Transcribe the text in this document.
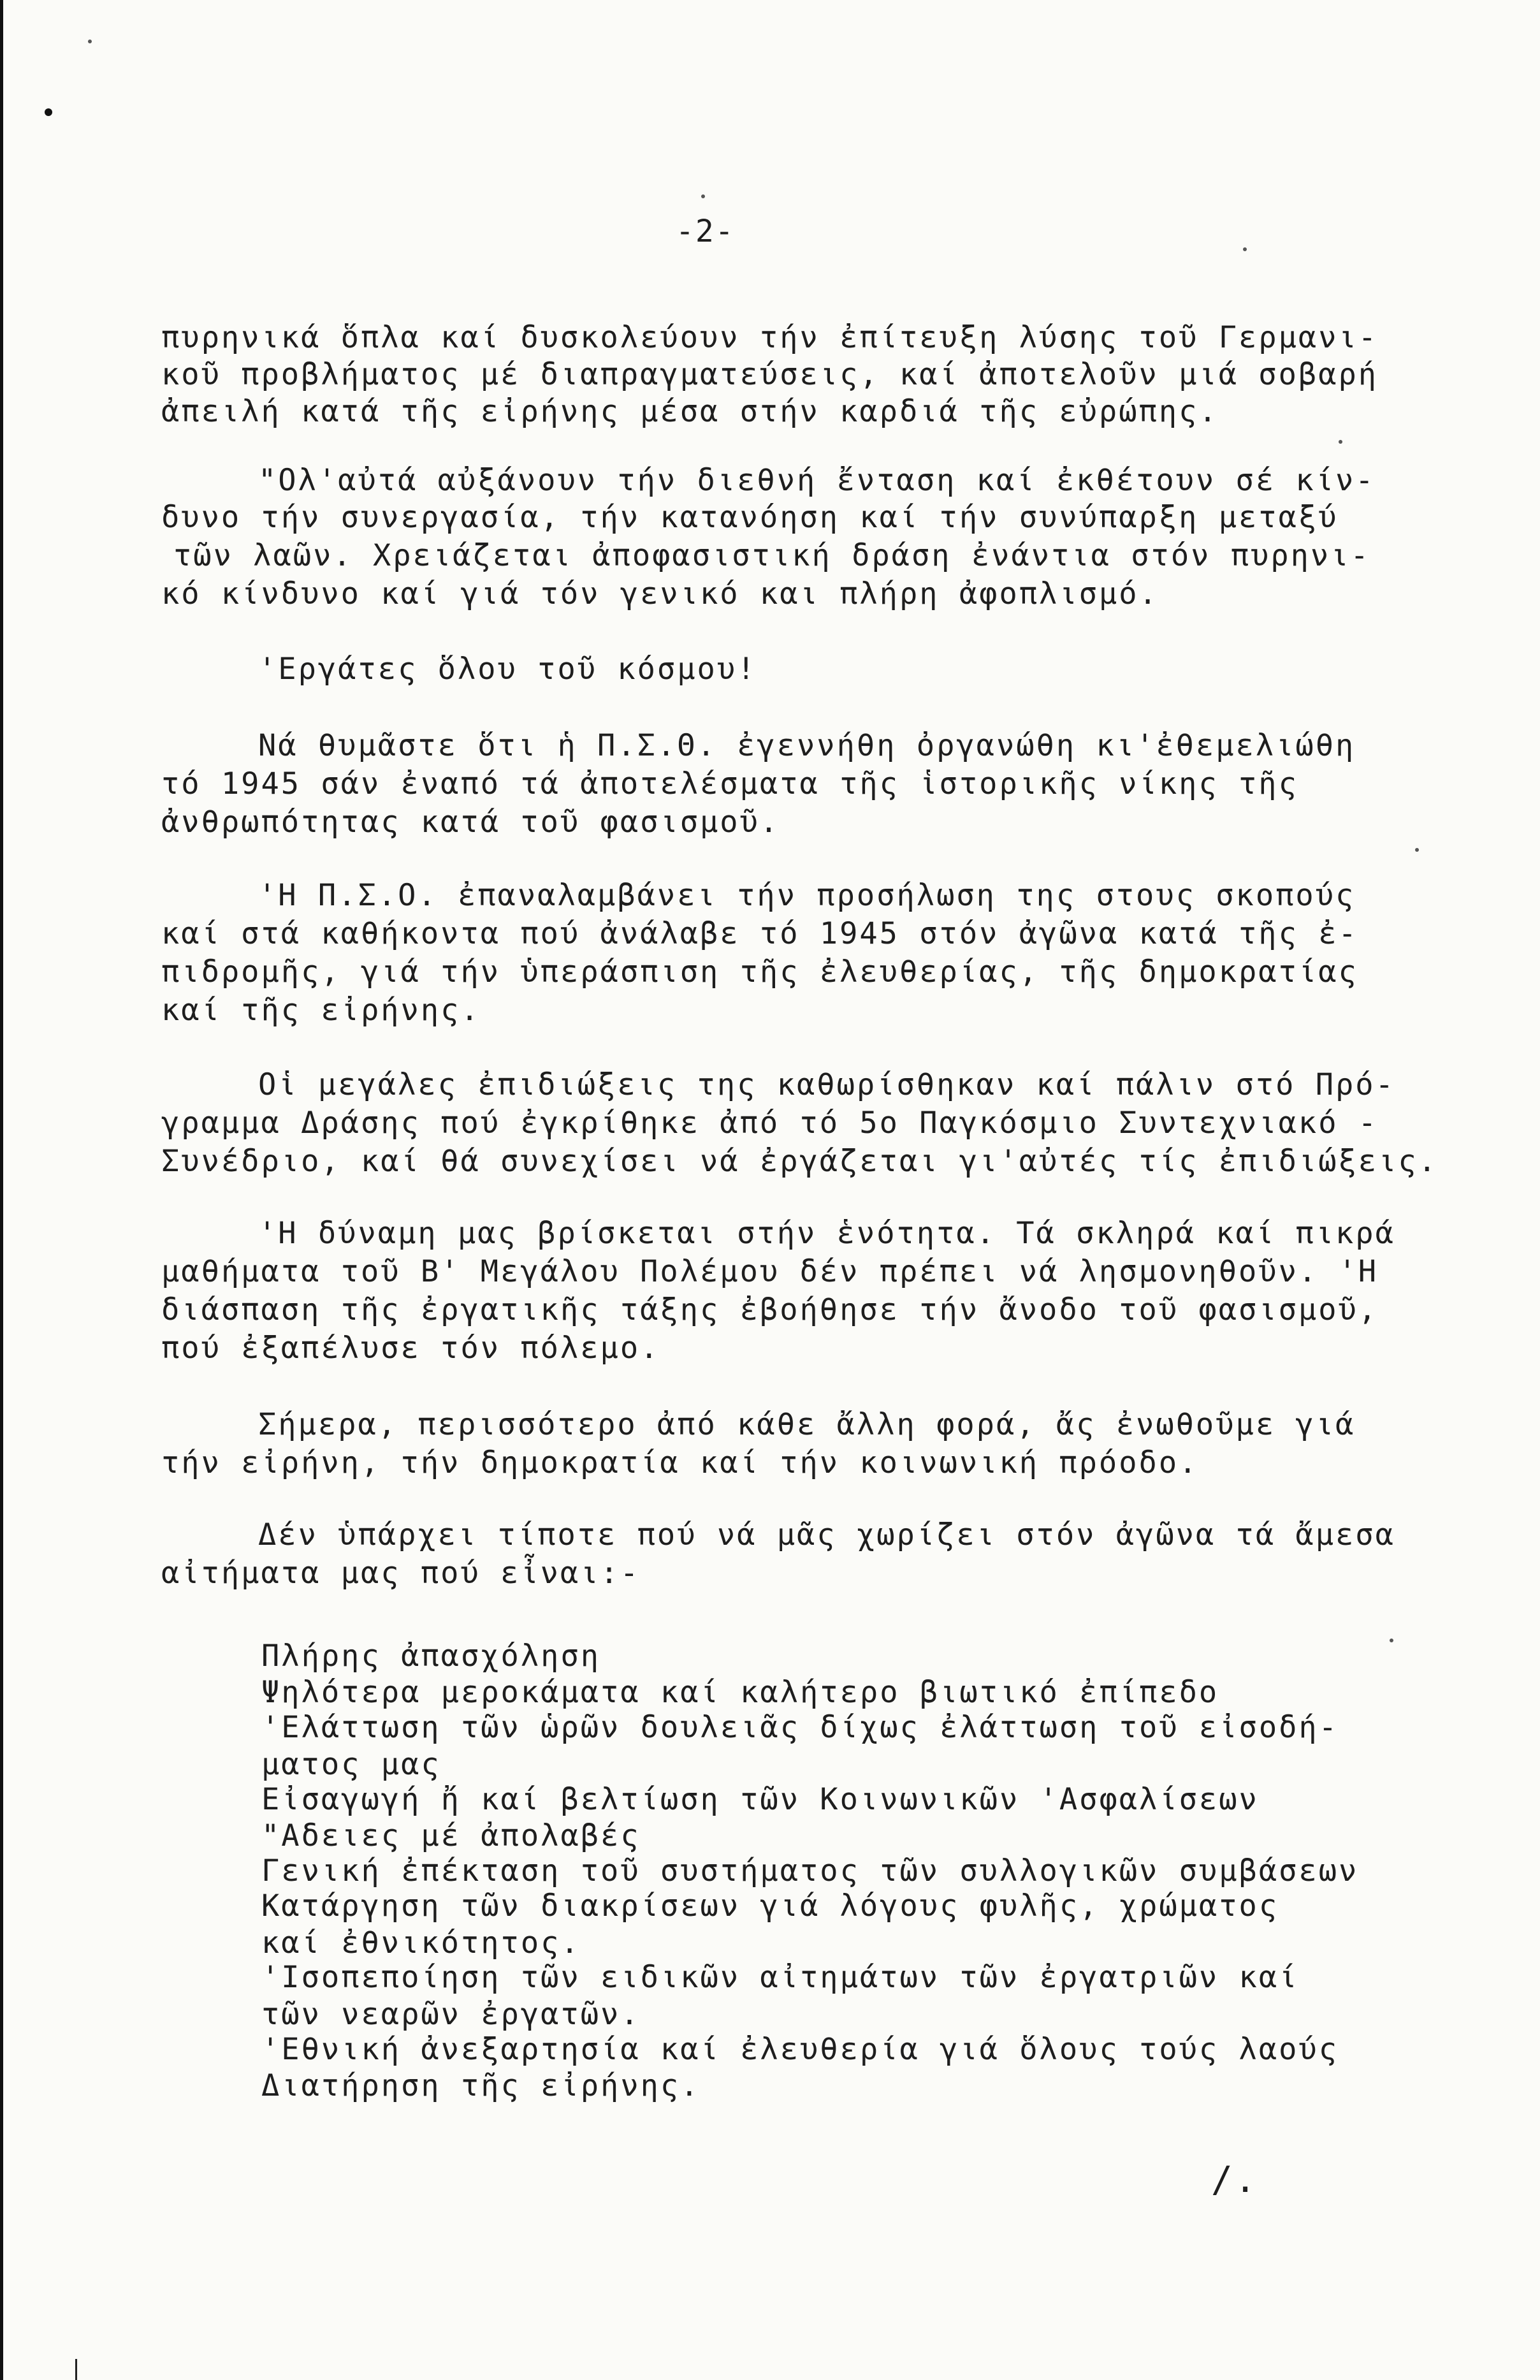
-2-
πυρηνικά ὅπλα καί δυσκολεύουν τήν ἐπίτευξη λύσης τοῦ Γερμανι-
κοῦ προβλήματος μέ διαπραγματεύσεις, καί ἀποτελοῦν μιά σοβαρή
ἀπειλή κατά τῆς εἰρήνης μέσα στήν καρδιά τῆς εὐρώπης.
"Ολ'αὐτά αὐξάνουν τήν διεθνή ἔνταση καί ἐκθέτουν σέ κίν-
δυνο τήν συνεργασία, τήν κατανόηση καί τήν συνύπαρξη μεταξύ
τῶν λαῶν. Χρειάζεται ἀποφασιστική δράση ἐνάντια στόν πυρηνι-
κό κίνδυνο καί γιά τόν γενικό και πλήρη ἀφοπλισμό.
'Εργάτες ὅλου τοῦ κόσμου!
Νά θυμᾶστε ὅτι ἡ Π.Σ.Θ. ἐγεννήθη ὀργανώθη κι'ἐθεμελιώθη
τό 1945 σάν ἐναπό τά ἀποτελέσματα τῆς ἱστορικῆς νίκης τῆς
ἀνθρωπότητας κατά τοῦ φασισμοῦ.
'Η Π.Σ.Ο. ἐπαναλαμβάνει τήν προσήλωση της στους σκοπούς
καί στά καθήκοντα πού ἀνάλαβε τό 1945 στόν ἀγῶνα κατά τῆς ἐ-
πιδρομῆς, γιά τήν ὑπεράσπιση τῆς ἐλευθερίας, τῆς δημοκρατίας
καί τῆς εἰρήνης.
Οἱ μεγάλες ἐπιδιώξεις της καθωρίσθηκαν καί πάλιν στό Πρό-
γραμμα Δράσης πού ἐγκρίθηκε ἀπό τό 5ο Παγκόσμιο Συντεχνιακό -
Συνέδριο, καί θά συνεχίσει νά ἐργάζεται γι'αὐτές τίς ἐπιδιώξεις.
'Η δύναμη μας βρίσκεται στήν ἑνότητα. Τά σκληρά καί πικρά
μαθήματα τοῦ Β' Μεγάλου Πολέμου δέν πρέπει νά λησμονηθοῦν. 'Η
διάσπαση τῆς ἐργατικῆς τάξης ἐβοήθησε τήν ἄνοδο τοῦ φασισμοῦ,
πού ἐξαπέλυσε τόν πόλεμο.
Σήμερα, περισσότερο ἀπό κάθε ἄλλη φορά, ἄς ἐνωθοῦμε γιά
τήν εἰρήνη, τήν δημοκρατία καί τήν κοινωνική πρόοδο.
Δέν ὑπάρχει τίποτε πού νά μᾶς χωρίζει στόν ἀγῶνα τά ἄμεσα
αἰτήματα μας πού εἶναι:-
Πλήρης ἀπασχόληση
Ψηλότερα μεροκάματα καί καλήτερο βιωτικό ἐπίπεδο
'Ελάττωση τῶν ὡρῶν δουλειᾶς δίχως ἐλάττωση τοῦ εἰσοδή-
ματος μας
Εἰσαγωγή ἤ καί βελτίωση τῶν Κοινωνικῶν 'Ασφαλίσεων
"Αδειες μέ ἀπολαβές
Γενική ἐπέκταση τοῦ συστήματος τῶν συλλογικῶν συμβάσεων
Κατάργηση τῶν διακρίσεων γιά λόγους φυλῆς, χρώματος
καί ἐθνικότητος.
'Ισοπεποίηση τῶν ειδικῶν αἰτημάτων τῶν ἐργατριῶν καί
τῶν νεαρῶν ἐργατῶν.
'Εθνική ἀνεξαρτησία καί ἐλευθερία γιά ὅλους τούς λαούς
Διατήρηση τῆς εἰρήνης.
/.
